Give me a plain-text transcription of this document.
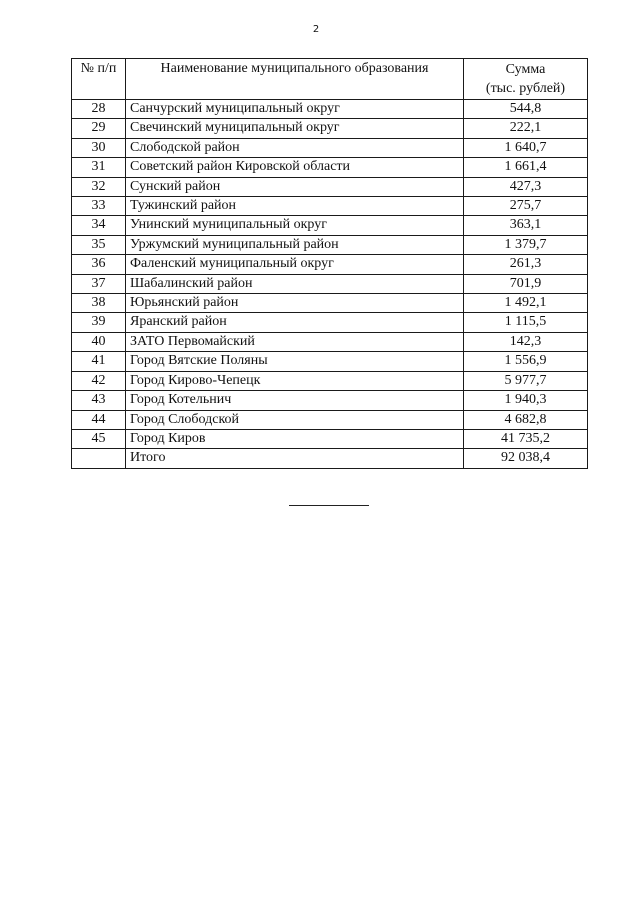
2
№ п/п	Наименование муниципального образования	Сумма
(тыс. рублей)

28	Санчурский муниципальный округ	544,8
29	Свечинский муниципальный округ	222,1
30	Слободской район	1 640,7
31	Советский район Кировской области	1 661,4
32	Сунский район	427,3
33	Тужинский район	275,7
34	Унинский муниципальный округ	363,1
35	Уржумский муниципальный район	1 379,7
36	Фаленский муниципальный округ	261,3
37	Шабалинский район	701,9
38	Юрьянский район	1 492,1
39	Яранский район	1 115,5
40	ЗАТО Первомайский	142,3
41	Город Вятские Поляны	1 556,9
42	Город Кирово-Чепецк	5 977,7
43	Город Котельнич	1 940,3
44	Город Слободской	4 682,8
45	Город Киров	41 735,2
	Итого	92 038,4
